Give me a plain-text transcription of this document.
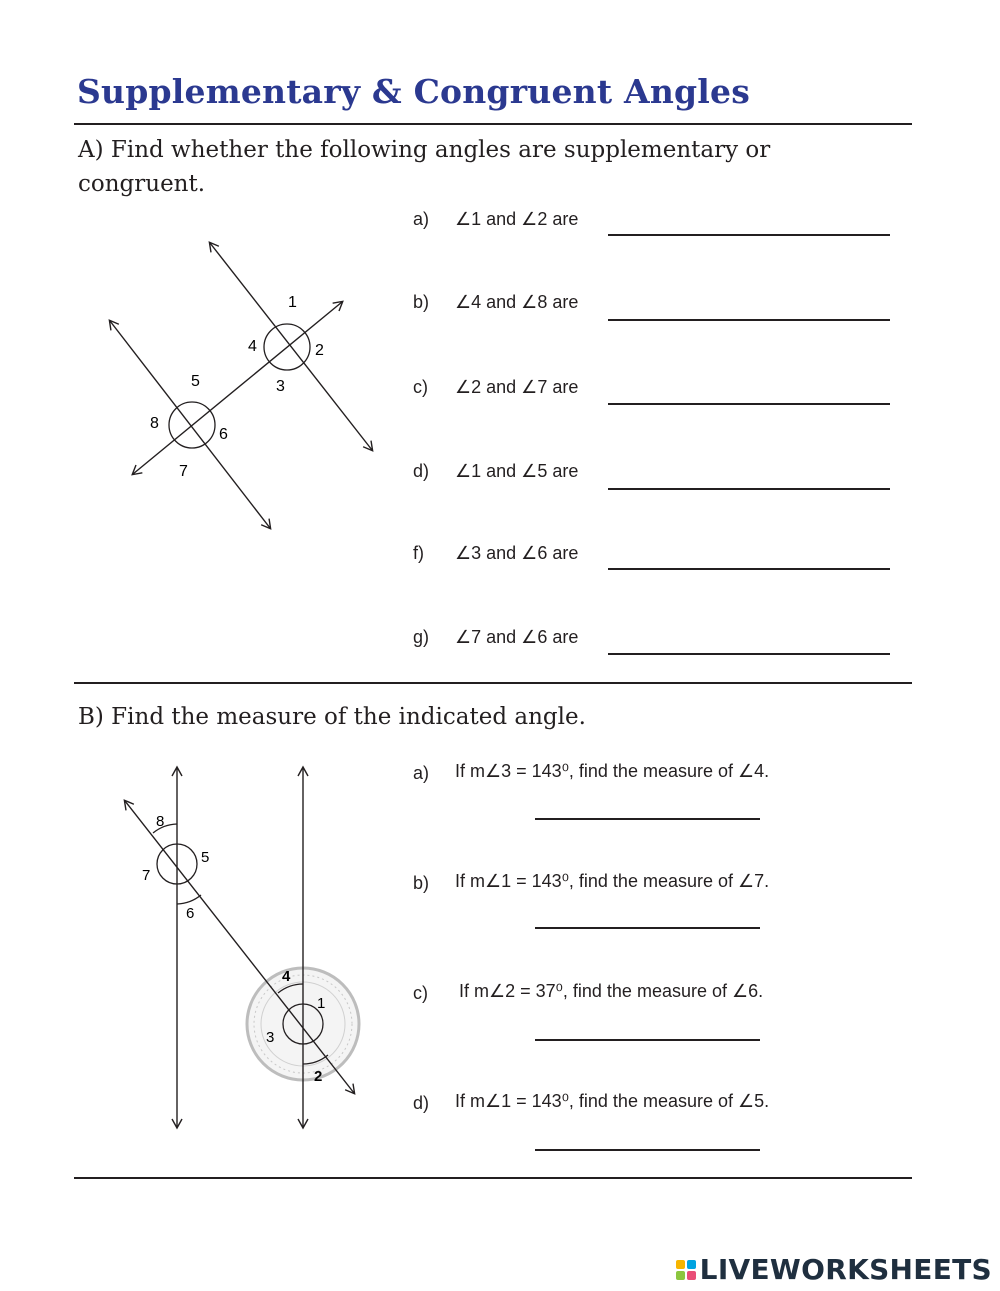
Supplementary & Congruent Angles
A) Find whether the following angles are supplementary or congruent.
1
2
3
4
5
6
7
8
a) ∠1 and ∠2 are
b) ∠4 and ∠8 are
c) ∠2 and ∠7 are
d) ∠1 and ∠5 are
f) ∠3 and ∠6 are
g) ∠7 and ∠6 are
B) Find the measure of the indicated angle.
8
5
7
6
4
1
3
2
a) If m∠3 = 143⁰, find the measure of ∠4.
b) If m∠1 = 143⁰, find the measure of ∠7.
c) If m∠2 = 37⁰, find the measure of ∠6.
d) If m∠1 = 143⁰, find the measure of ∠5.
LIVEWORKSHEETS
